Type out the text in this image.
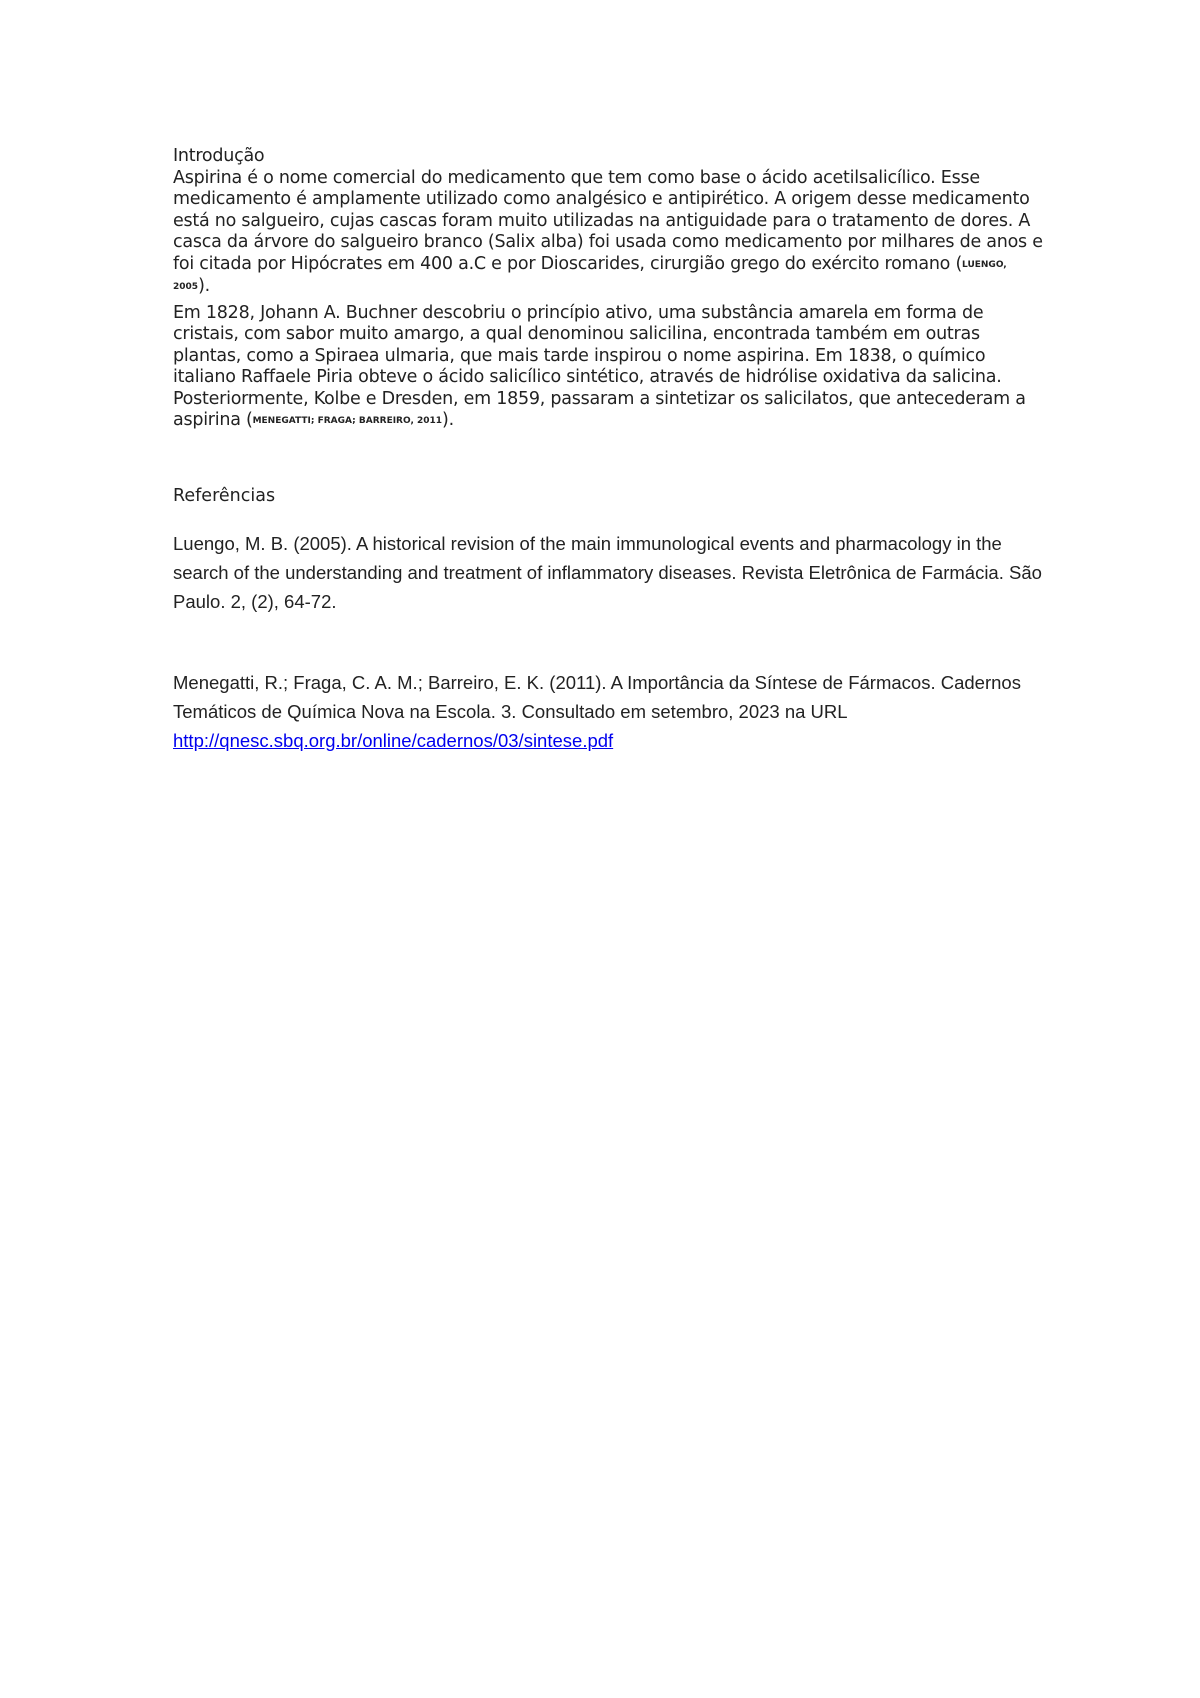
Introdução

Aspirina é o nome comercial do medicamento que tem como base o ácido acetilsalicílico. Esse medicamento é amplamente utilizado como analgésico e antipirético. A origem desse medicamento está no salgueiro, cujas cascas foram muito utilizadas na antiguidade para o tratamento de dores. A casca da árvore do salgueiro branco (Salix alba) foi usada como medicamento por milhares de anos e foi citada por Hipócrates em 400 a.C e por Dioscarides, cirurgião grego do exército romano (LUENGO, 2005).

Em 1828, Johann A. Buchner descobriu o princípio ativo, uma substância amarela em forma de cristais, com sabor muito amargo, a qual denominou salicilina, encontrada também em outras plantas, como a Spiraea ulmaria, que mais tarde inspirou o nome aspirina. Em 1838, o químico italiano Raffaele Piria obteve o ácido salicílico sintético, através de hidrólise oxidativa da salicina. Posteriormente, Kolbe e Dresden, em 1859, passaram a sintetizar os salicilatos, que antecederam a aspirina (MENEGATTI; FRAGA; BARREIRO, 2011).

Referências

Luengo, M. B. (2005). A historical revision of the main immunological events and pharmacology in the search of the understanding and treatment of inflammatory diseases. Revista Eletrônica de Farmácia. São Paulo. 2, (2), 64-72.

Menegatti, R.; Fraga, C. A. M.; Barreiro, E. K. (2011). A Importância da Síntese de Fármacos. Cadernos Temáticos de Química Nova na Escola. 3. Consultado em setembro, 2023 na URL http://qnesc.sbq.org.br/online/cadernos/03/sintese.pdf
